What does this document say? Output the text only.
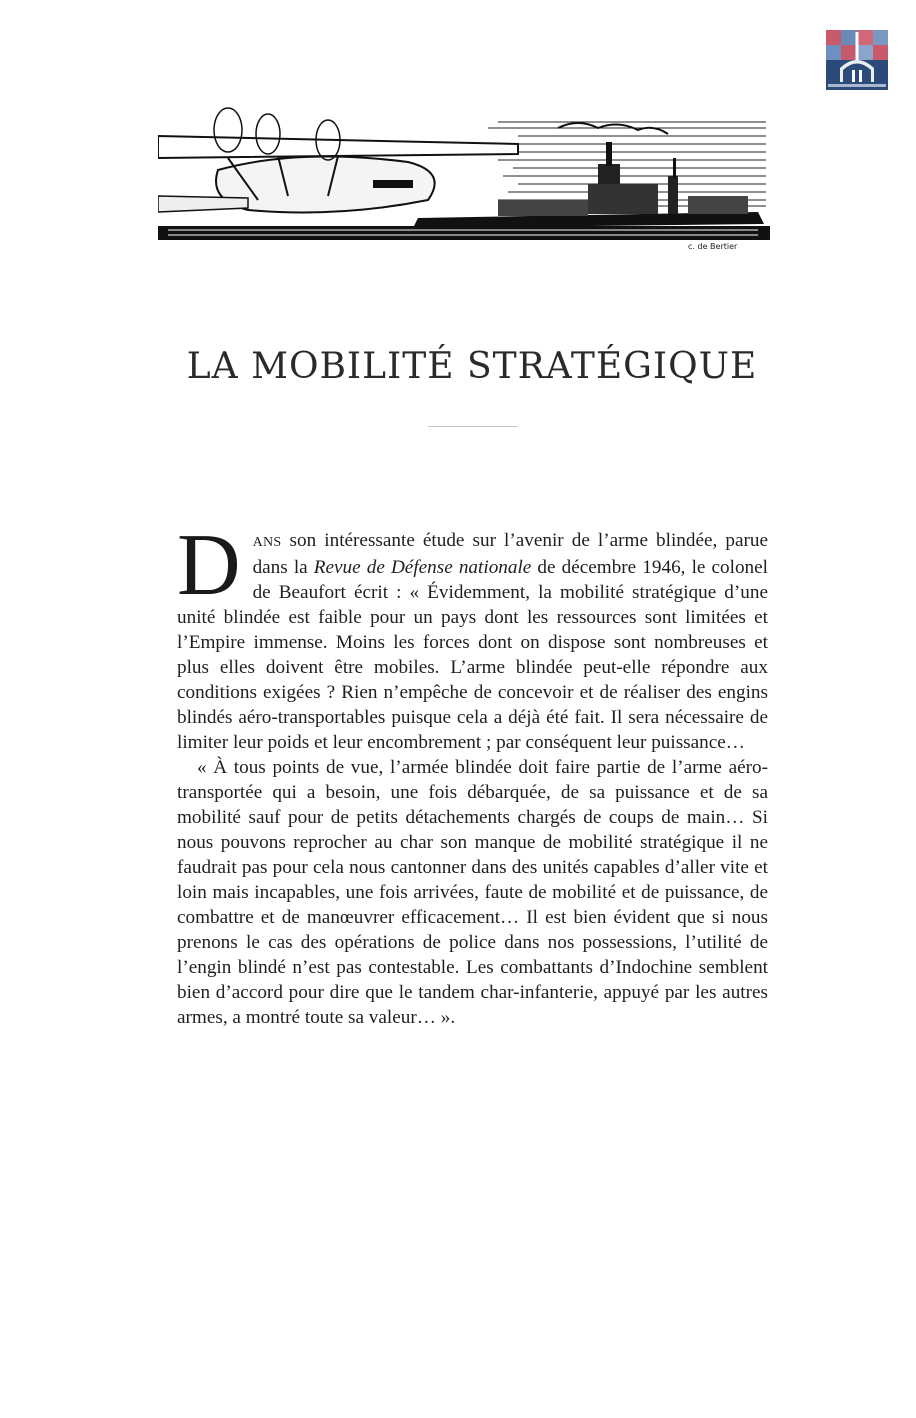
c. de Bertier
LA MOBILITÉ STRATÉGIQUE

DANS son intéressante étude sur l’avenir de l’arme blindée, parue dans la Revue de Défense nationale de décembre 1946, le colonel de Beaufort écrit : « Évidemment, la mobilité stratégique d’une unité blindée est faible pour un pays dont les ressources sont limitées et l’Empire immense. Moins les forces dont on dispose sont nombreuses et plus elles doivent être mobiles. L’arme blindée peut-elle répondre aux conditions exigées ? Rien n’empêche de concevoir et de réaliser des engins blindés aéro-transportables puisque cela a déjà été fait. Il sera nécessaire de limiter leur poids et leur encombrement ; par conséquent leur puissance…

« À tous points de vue, l’armée blindée doit faire partie de l’arme aéro-transportée qui a besoin, une fois débarquée, de sa puissance et de sa mobilité sauf pour de petits détachements chargés de coups de main… Si nous pouvons reprocher au char son manque de mobilité stratégique il ne faudrait pas pour cela nous cantonner dans des unités capables d’aller vite et loin mais incapables, une fois arrivées, faute de mobilité et de puissance, de combattre et de manœuvrer efficacement… Il est bien évident que si nous prenons le cas des opérations de police dans nos possessions, l’utilité de l’engin blindé n’est pas contestable. Les combattants d’Indochine semblent bien d’accord pour dire que le tandem char-infanterie, appuyé par les autres armes, a montré toute sa valeur… ».
